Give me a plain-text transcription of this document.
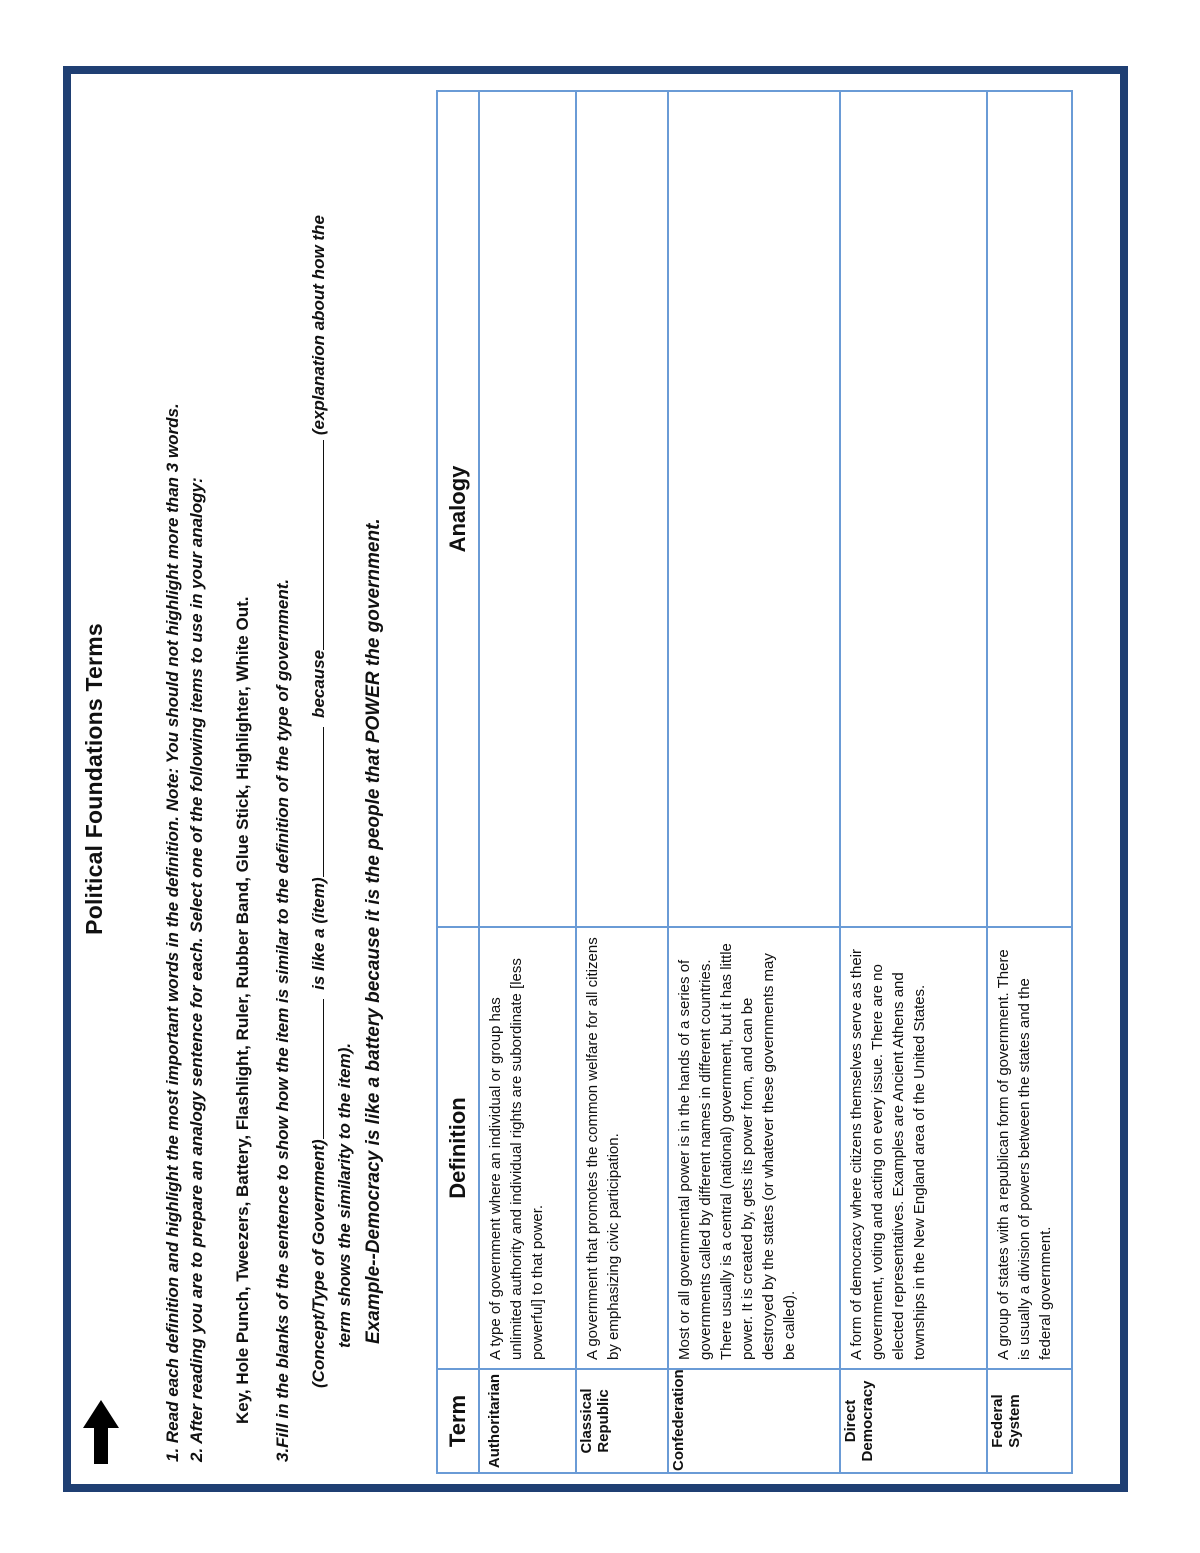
Political Foundations Terms	1. Read each definition and highlight the most important words in the definition. Note: You should not highlight more than 3 words. 2. After reading you are to prepare an analogy sentence for each. Select one of the following items to use in your analogy: Key, Hole Punch, Tweezers, Battery, Flashlight, Ruler, Rubber Band, Glue Stick, Highlighter, White Out. 3.Fill in the blanks of the sentence to show how the item is similar to the definition of the type of government. (Concept/Type of Government)  is like a (item)  because (explanation about how the
term shows the similarity to the item). Example--Democracy is like a battery because it is the people that POWER the government.
Term	Definition	Analogy
Authoritarian	A type of government where an individual or group has unlimited authority and individual rights are subordinate [less powerful] to that power.	
Classical Republic	A government that promotes the common welfare for all citizens by emphasizing civic participation.	
Confederation	Most or all governmental power is in the hands of a series of governments called by different names in different countries. There usually is a central (national) government, but it has little power. It is created by, gets its power from, and can be destroyed by the states (or whatever these governments may be called).	
Direct Democracy	A form of democracy where citizens themselves serve as their government, voting and acting on every issue. There are no elected representatives. Examples are Ancient Athens and townships in the New England area of the United States.	
Federal System	A group of states with a republican form of government. There is usually a division of powers between the states and the federal government.	
